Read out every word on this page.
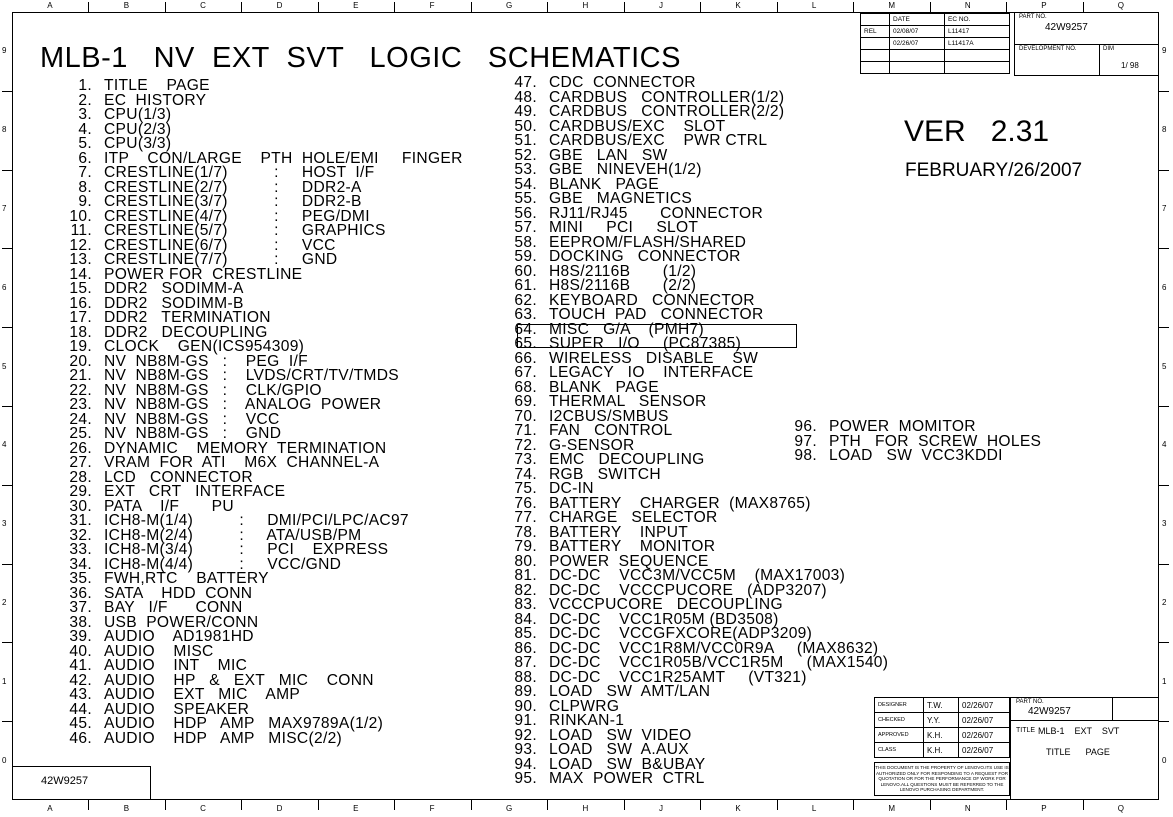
A
A
B
B
C
C
D
D
E
E
F
F
G
G
H
H
J
J
K
K
L
L
M
M
N
N
P
P
Q
Q
9	9
8	8
7	7
6	6
5	5
4	4
3	3
2	2
1	1
0	0
MLB-1   NV  EXT  SVT   LOGIC   SCHEMATICS
VER   2.31
FEBRUARY/26/2007
1. TITLE    PAGE
2. EC  HISTORY
3. CPU(1/3)
4. CPU(2/3)
5. CPU(3/3)
6. ITP    CON/LARGE    PTH  HOLE/EMI     FINGER
7. CRESTLINE(1/7)          :     HOST  I/F
8. CRESTLINE(2/7)          :     DDR2-A
9. CRESTLINE(3/7)          :     DDR2-B
10. CRESTLINE(4/7)          :     PEG/DMI
11. CRESTLINE(5/7)          :     GRAPHICS
12. CRESTLINE(6/7)          :     VCC
13. CRESTLINE(7/7)          :     GND
14. POWER FOR  CRESTLINE
15. DDR2   SODIMM-A
16. DDR2   SODIMM-B
17. DDR2   TERMINATION
18. DDR2   DECOUPLING
19. CLOCK    GEN(ICS954309)
20. NV  NB8M-GS   :    PEG  I/F
21. NV  NB8M-GS   :    LVDS/CRT/TV/TMDS
22. NV  NB8M-GS   :    CLK/GPIO
23. NV  NB8M-GS   :    ANALOG  POWER
24. NV  NB8M-GS   :    VCC
25. NV  NB8M-GS   :    GND
26. DYNAMIC    MEMORY  TERMINATION
27. VRAM  FOR  ATI    M6X  CHANNEL-A
28. LCD   CONNECTOR
29. EXT   CRT   INTERFACE
30. PATA    I/F       PU
31. ICH8-M(1/4)          :     DMI/PCI/LPC/AC97
32. ICH8-M(2/4)          :     ATA/USB/PM
33. ICH8-M(3/4)          :     PCI    EXPRESS
34. ICH8-M(4/4)          :     VCC/GND
35. FWH,RTC    BATTERY
36. SATA    HDD  CONN
37. BAY   I/F      CONN
38. USB  POWER/CONN
39. AUDIO    AD1981HD
40. AUDIO    MISC
41. AUDIO    INT    MIC
42. AUDIO    HP   &   EXT   MIC    CONN
43. AUDIO    EXT   MIC    AMP
44. AUDIO    SPEAKER
45. AUDIO    HDP   AMP   MAX9789A(1/2)
46. AUDIO    HDP   AMP   MISC(2/2)
47. CDC  CONNECTOR
48. CARDBUS   CONTROLLER(1/2)
49. CARDBUS   CONTROLLER(2/2)
50. CARDBUS/EXC    SLOT
51. CARDBUS/EXC    PWR CTRL
52. GBE   LAN   SW
53. GBE   NINEVEH(1/2)
54. BLANK   PAGE
55. GBE   MAGNETICS
56. RJ11/RJ45       CONNECTOR
57. MINI     PCI     SLOT
58. EEPROM/FLASH/SHARED
59. DOCKING   CONNECTOR
60. H8S/2116B       (1/2)
61. H8S/2116B       (2/2)
62. KEYBOARD   CONNECTOR
63. TOUCH  PAD   CONNECTOR
64. MISC   G/A    (PMH7)
65. SUPER   I/O     (PC87385)
66. WIRELESS   DISABLE    SW
67. LEGACY   IO    INTERFACE
68. BLANK   PAGE
69. THERMAL   SENSOR
70. I2CBUS/SMBUS
71. FAN   CONTROL
72. G-SENSOR
73. EMC   DECOUPLING
74. RGB   SWITCH
75. DC-IN
76. BATTERY    CHARGER  (MAX8765)
77. CHARGE   SELECTOR
78. BATTERY    INPUT
79. BATTERY    MONITOR
80. POWER  SEQUENCE
81. DC-DC    VCC3M/VCC5M    (MAX17003)
82. DC-DC    VCCCPUCORE   (ADP3207)
83. VCCCPUCORE   DECOUPLING
84. DC-DC    VCC1R05M (BD3508)
85. DC-DC    VCCGFXCORE(ADP3209)
86. DC-DC    VCC1R8M/VCC0R9A     (MAX8632)
87. DC-DC    VCC1R05B/VCC1R5M     (MAX1540)
88. DC-DC    VCC1R25AMT     (VT321)
89. LOAD   SW  AMT/LAN
90. CLPWRG
91. RINKAN-1
92. LOAD   SW  VIDEO
93. LOAD   SW  A.AUX
94. LOAD   SW  B&UBAY
95. MAX  POWER  CTRL
96. POWER  MOMITOR
97. PTH   FOR  SCREW  HOLES
98. LOAD   SW  VCC3KDDI
	DATE	EC NO.
REL	02/08/07	L11417
	02/26/07	L11417A

PART NO.
42W9257
DEVELOPMENT NO.	DIM
1/ 98
DESIGNER	T.W.	02/26/07
CHECKED	Y.Y.	02/26/07
APPROVED	K.H.	02/26/07
CLASS	K.H.	02/26/07
PART NO.
42W9257
TITLE MLB-1    EXT    SVT
TITLE      PAGE
THIS DOCUMENT IS THE PROPERTY OF LENOVO.ITS USE IS AUTHORIZED ONLY FOR RESPONDING TO A REQUEST FOR QUOTATION OR FOR THE PERFORMANCE OF WORK FOR LENOVO.ALL QUESTIONS MUST BE REFERRED TO THE LENOVO PURCHASING DEPARTMENT.
42W9257
